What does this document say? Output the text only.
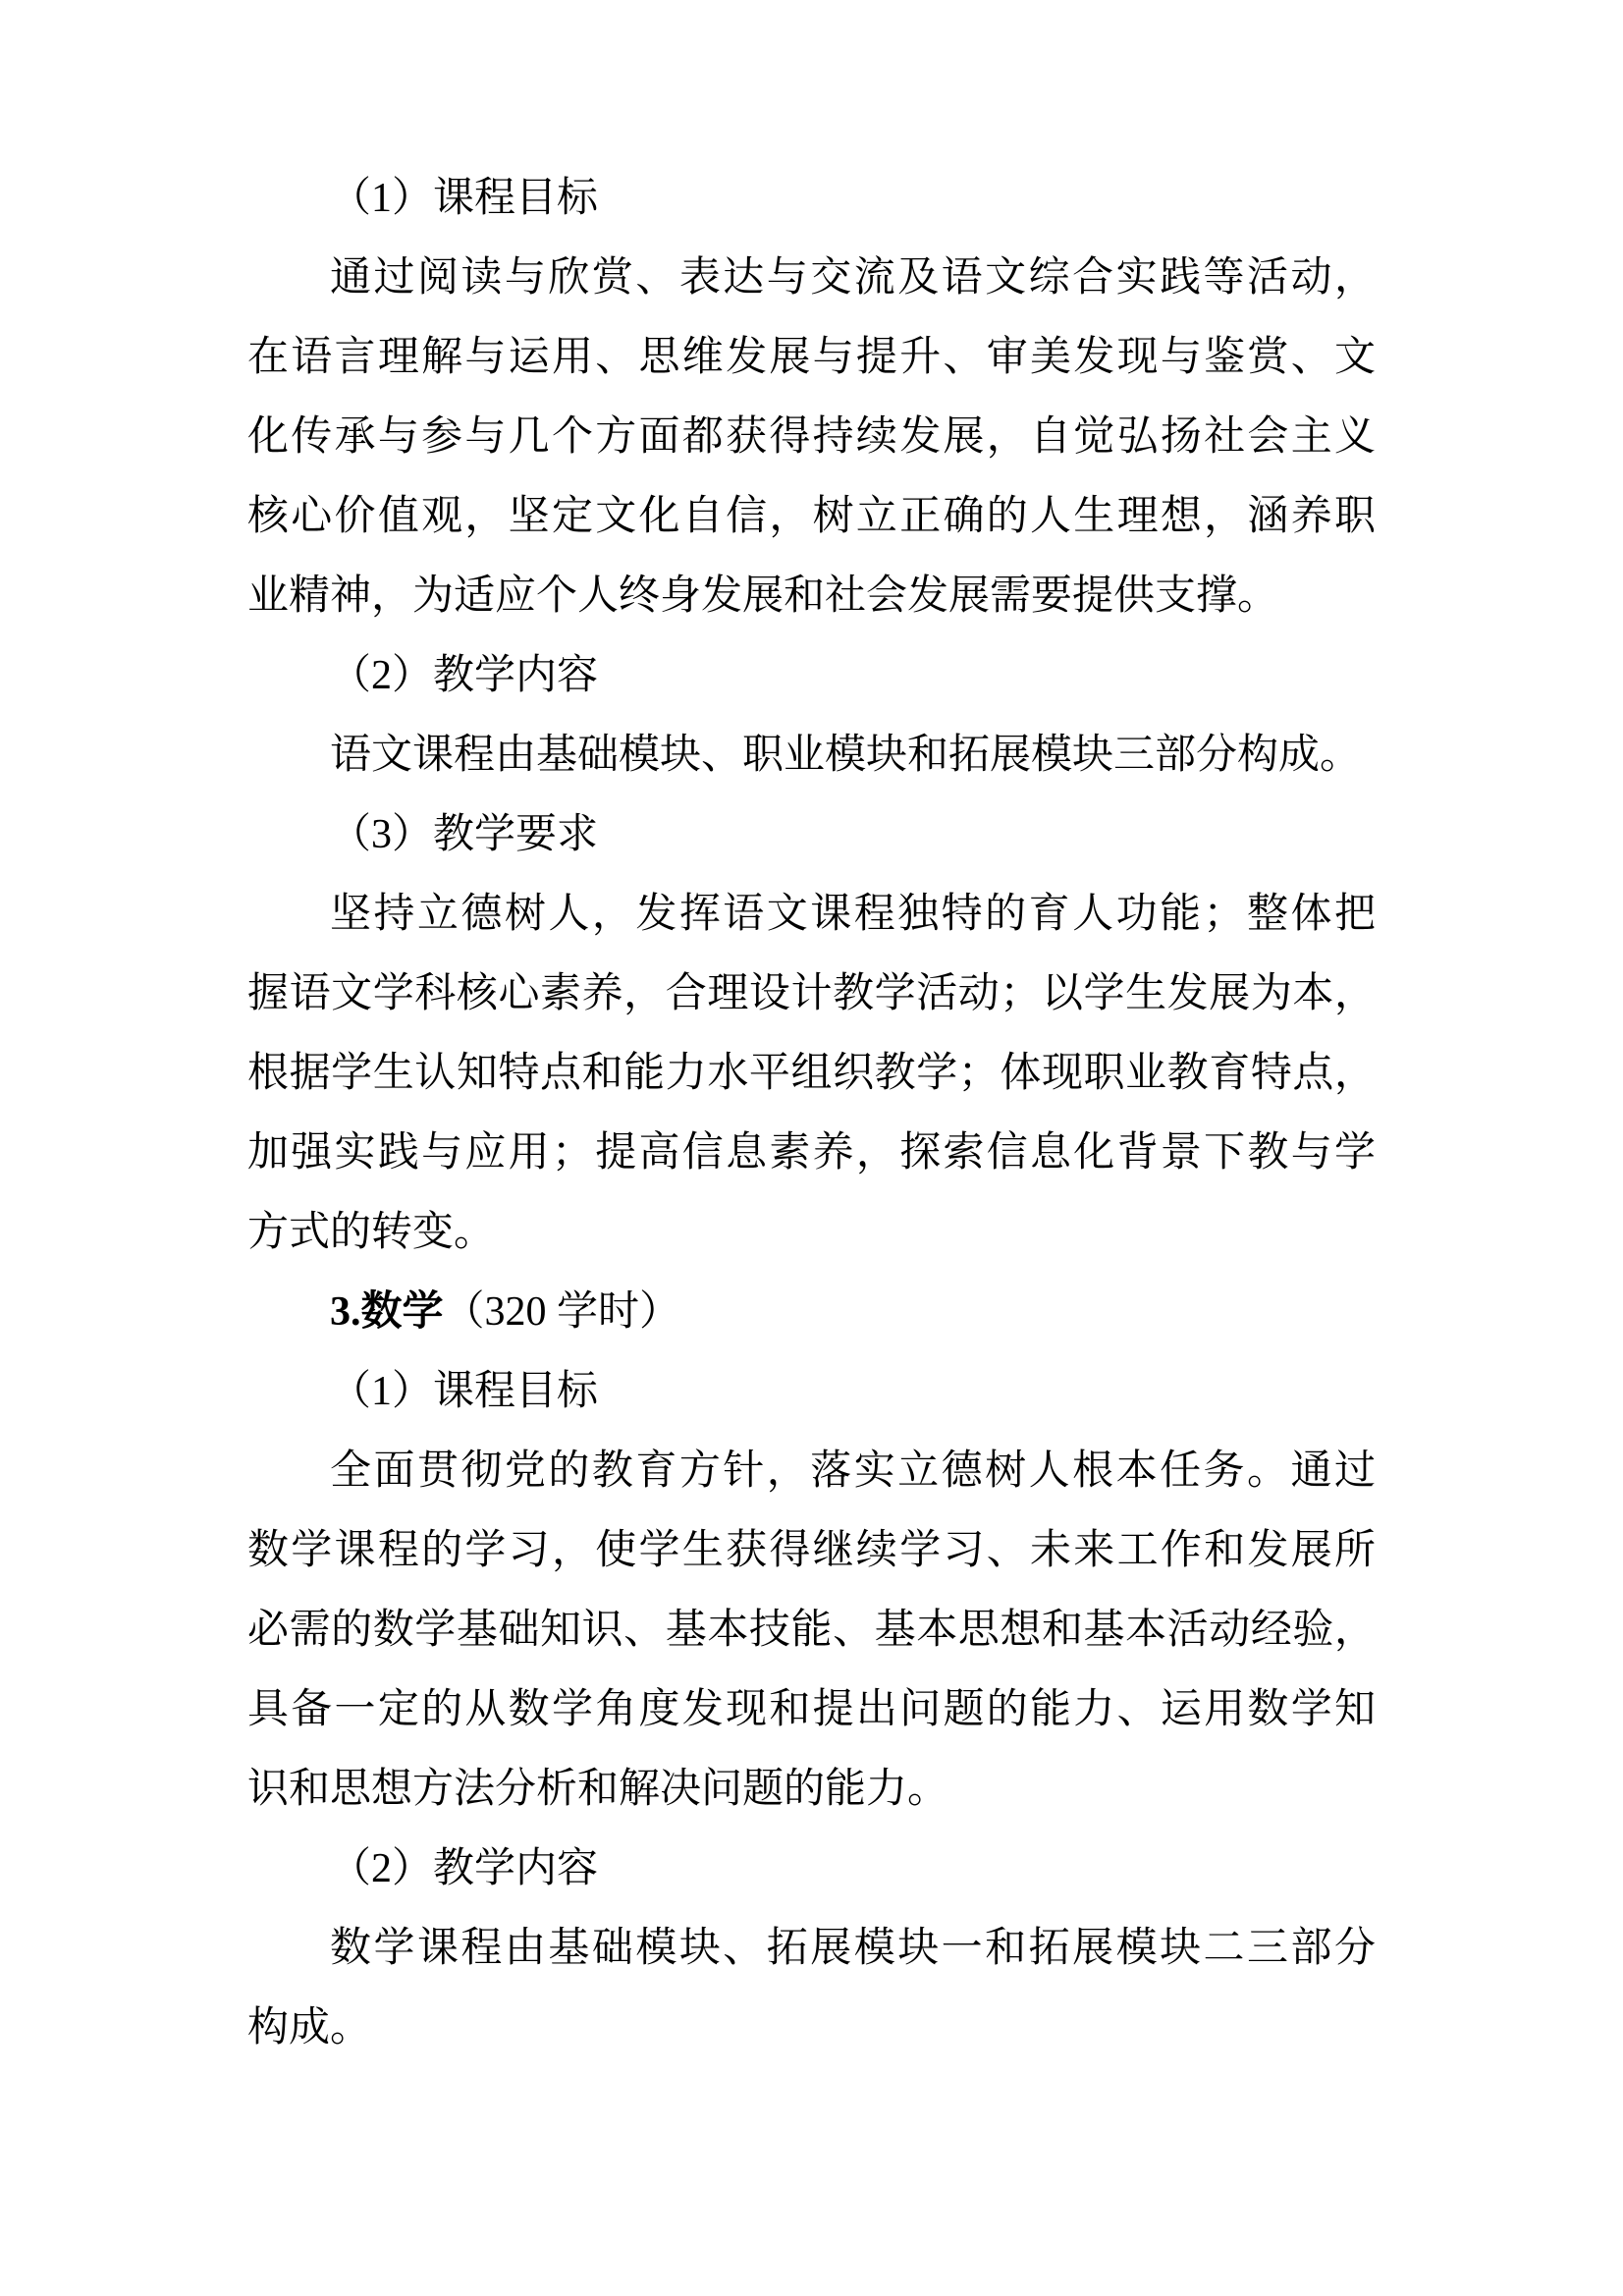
（1）课程目标
通过阅读与欣赏、表达与交流及语文综合实践等活动，
在语言理解与运用、思维发展与提升、审美发现与鉴赏、文
化传承与参与几个方面都获得持续发展，自觉弘扬社会主义
核心价值观，坚定文化自信，树立正确的人生理想，涵养职
业精神，为适应个人终身发展和社会发展需要提供支撑。
（2）教学内容
语文课程由基础模块、职业模块和拓展模块三部分构成。
（3）教学要求
坚持立德树人，发挥语文课程独特的育人功能；整体把
握语文学科核心素养，合理设计教学活动；以学生发展为本，
根据学生认知特点和能力水平组织教学；体现职业教育特点，
加强实践与应用；提高信息素养，探索信息化背景下教与学
方式的转变。
3.数学（320 学时）
（1）课程目标
全面贯彻党的教育方针，落实立德树人根本任务。通过
数学课程的学习，使学生获得继续学习、未来工作和发展所
必需的数学基础知识、基本技能、基本思想和基本活动经验，
具备一定的从数学角度发现和提出问题的能力、运用数学知
识和思想方法分析和解决问题的能力。
（2）教学内容
数学课程由基础模块、拓展模块一和拓展模块二三部分
构成。
